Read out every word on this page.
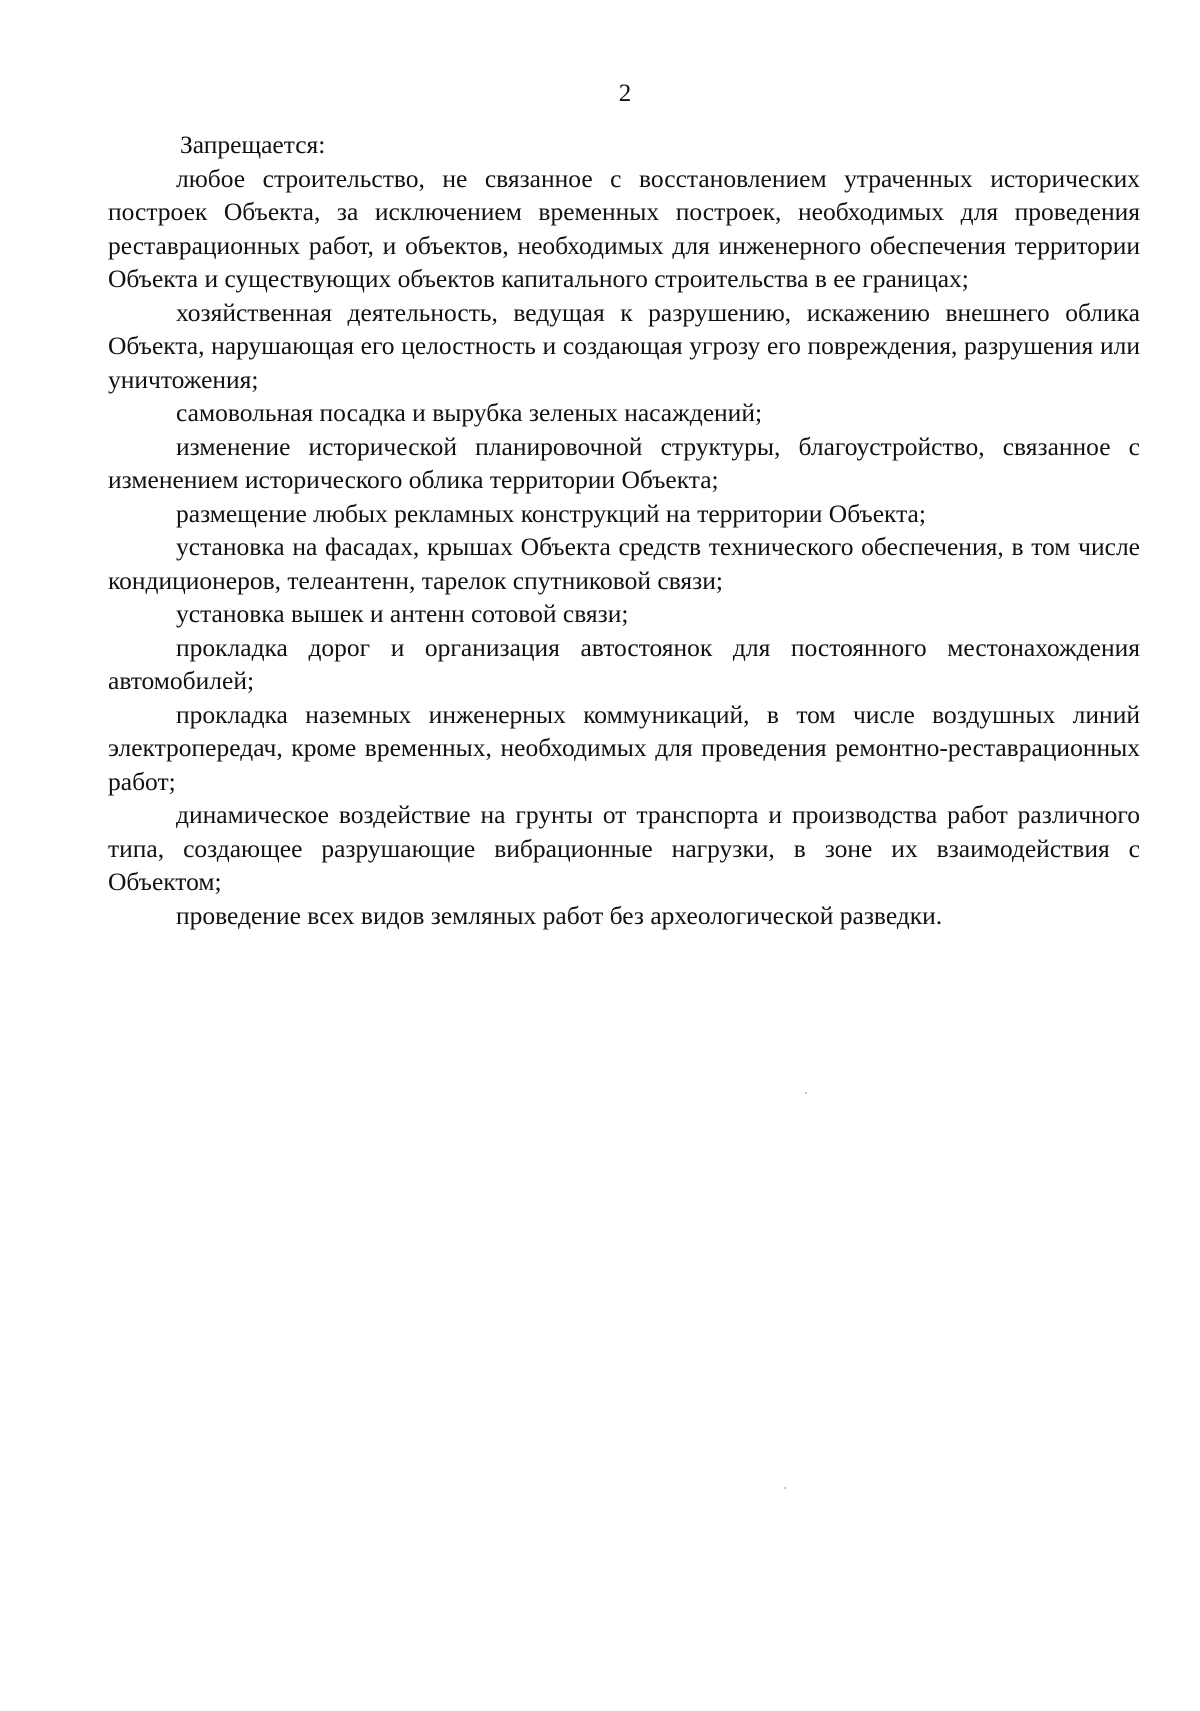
2

Запрещается:

любое строительство, не связанное с восстановлением утраченных исторических построек Объекта, за исключением временных построек, необходимых для проведения реставрационных работ, и объектов, необходимых для инженерного обеспечения территории Объекта и существующих объектов капитального строительства в ее границах;

хозяйственная деятельность, ведущая к разрушению, искажению внешнего облика Объекта, нарушающая его целостность и создающая угрозу его повреждения, разрушения или уничтожения;

самовольная посадка и вырубка зеленых насаждений;

изменение исторической планировочной структуры, благоустройство, связанное с изменением исторического облика территории Объекта;

размещение любых рекламных конструкций на территории Объекта;

установка на фасадах, крышах Объекта средств технического обеспечения, в том числе кондиционеров, телеантенн, тарелок спутниковой связи;

установка вышек и антенн сотовой связи;

прокладка дорог и организация автостоянок для постоянного местонахождения автомобилей;

прокладка наземных инженерных коммуникаций, в том числе воздушных линий электропередач, кроме временных, необходимых для проведения ремонтно-реставрационных работ;

динамическое воздействие на грунты от транспорта и производства работ различного типа, создающее разрушающие вибрационные нагрузки, в зоне их взаимодействия с Объектом;

проведение всех видов земляных работ без археологической разведки.
